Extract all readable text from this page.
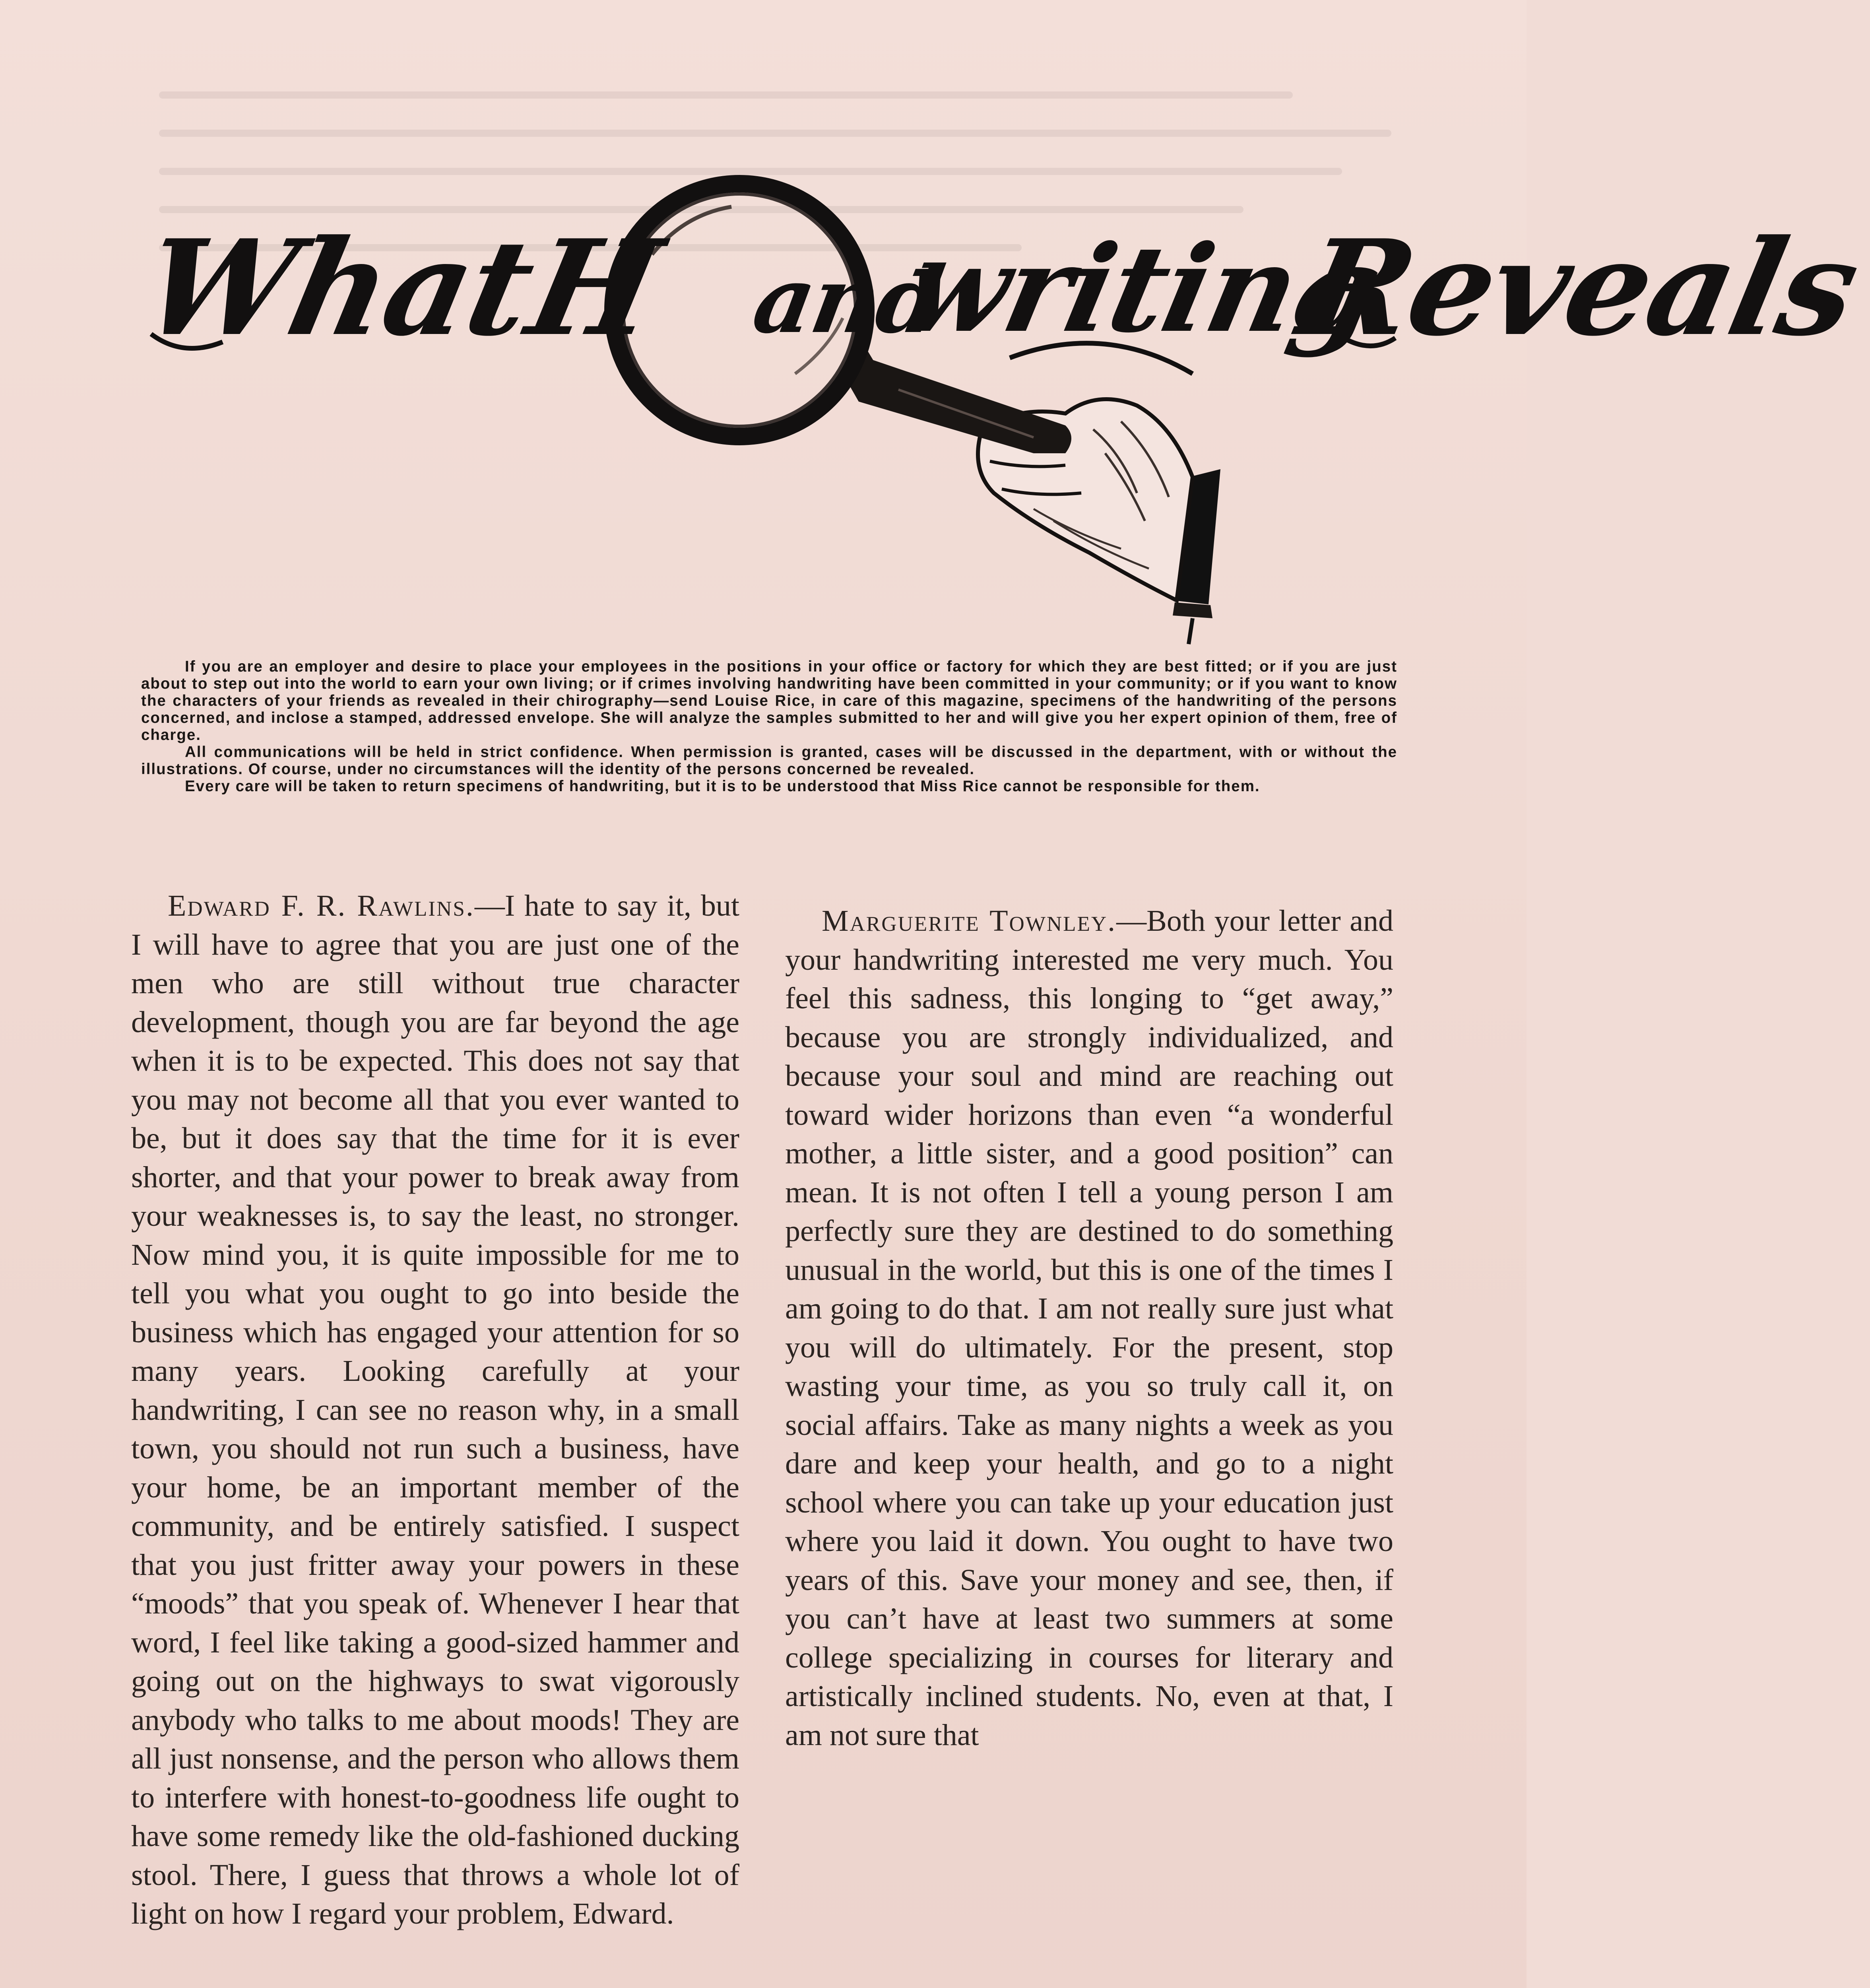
What
H and
writing
Reveals

If you are an employer and desire to place your employees in the positions in your office or factory for which they are best fitted; or if you are just about to step out into the world to earn your own living; or if crimes involving handwriting have been committed in your community; or if you want to know the characters of your friends as revealed in their chirography—send Louise Rice, in care of this magazine, specimens of the handwriting of the persons concerned, and inclose a stamped, addressed envelope. She will analyze the samples submitted to her and will give you her expert opinion of them, free of charge.

All communications will be held in strict confidence. When permission is granted, cases will be discussed in the department, with or without the illustrations. Of course, under no circumstances will the identity of the persons concerned be revealed.

Every care will be taken to return specimens of handwriting, but it is to be understood that Miss Rice cannot be responsible for them.

Edward F. R. Rawlins.—I hate to say it, but I will have to agree that you are just one of the men who are still without true character development, though you are far beyond the age when it is to be expected. This does not say that you may not become all that you ever wanted to be, but it does say that the time for it is ever shorter, and that your power to break away from your weaknesses is, to say the least, no stronger. Now mind you, it is quite impossible for me to tell you what you ought to go into beside the business which has engaged your attention for so many years. Looking carefully at your handwriting, I can see no reason why, in a small town, you should not run such a business, have your home, be an important member of the community, and be entirely satisfied. I suspect that you just fritter away your powers in these “moods” that you speak of. Whenever I hear that word, I feel like taking a good-sized hammer and going out on the highways to swat vigorously anybody who talks to me about moods! They are all just nonsense, and the person who allows them to interfere with honest-to-goodness life ought to have some remedy like the old-fashioned ducking stool. There, I guess that throws a whole lot of light on how I regard your problem, Edward.

Marguerite Townley.—Both your letter and your handwriting interested me very much. You feel this sadness, this longing to “get away,” because you are strongly individualized, and because your soul and mind are reaching out toward wider horizons than even “a wonderful mother, a little sister, and a good position” can mean. It is not often I tell a young person I am perfectly sure they are destined to do something unusual in the world, but this is one of the times I am going to do that. I am not really sure just what you will do ultimately. For the present, stop wasting your time, as you so truly call it, on social affairs. Take as many nights a week as you dare and keep your health, and go to a night school where you can take up your education just where you laid it down. You ought to have two years of this. Save your money and see, then, if you can’t have at least two summers at some college specializing in courses for literary and artistically inclined students. No, even at that, I am not sure that
